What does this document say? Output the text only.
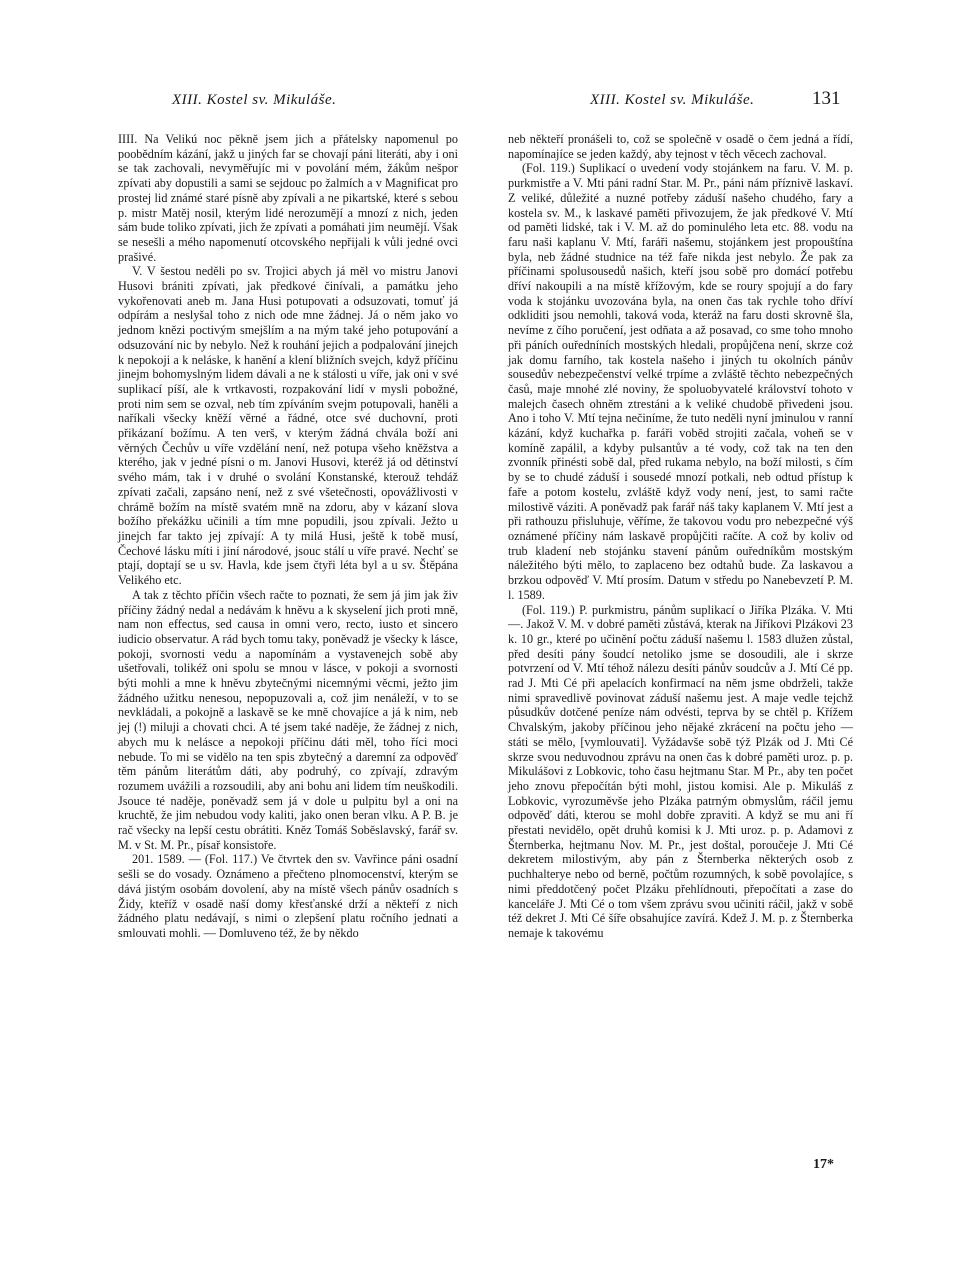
XIII. Kostel sv. Mikuláše.	XIII. Kostel sv. Mikuláše.	131

IIII. Na Velikú noc pěkně jsem jich a přátelsky napomenul po poobědním kázání, jakž u jiných far se chovají páni literáti, aby i oni se tak zachovali, nevyměřujíc mi v povolání mém, žákům nešpor zpívati aby dopustili a sami se sejdouc po žalmích a v Magnificat pro prostej lid známé staré písně aby zpívali a ne pikartské, které s sebou p. mistr Matěj nosil, kterým lidé nerozumějí a mnozí z nich, jeden sám bude toliko zpívati, jich že zpívati a pomáhati jim neumějí. Však se nesešli a mého napomenutí otcovského nepřijali k vůli jedné ovci prašivé.

V. V šestou neděli po sv. Trojici abych já měl vo mistru Janovi Husovi brániti zpívati, jak předkové činívali, a památku jeho vykořenovati aneb m. Jana Husi potupovati a odsuzovati, tomuť já odpírám a neslyšal toho z nich ode mne žádnej. Já o něm jako vo jednom knězi poctivým smejšlím a na mým také jeho potupování a odsuzování nic by nebylo. Než k rouhání jejich a podpalování jinejch k nepokoji a k neláske, k hanění a klení bližních svejch, když příčinu jinejm bohomyslným lidem dávali a ne k stálosti u víře, jak oni v své suplikací píší, ale k vrtkavosti, rozpakování lidí v mysli pobožné, proti nim sem se ozval, neb tím zpíváním svejm potupovali, haněli a naříkali všecky kněží věrné a řádné, otce své duchovní, proti přikázaní božímu. A ten verš, v kterým žádná chvála boží ani věrných Čechův u víře vzdělání není, než potupa všeho kněžstva a kterého, jak v jedné písni o m. Janovi Husovi, kteréž já od dětinství svého mám, tak i v druhé o svolání Konstanské, kterouž tehdáž zpívati začali, zapsáno není, než z své všetečnosti, opovážlivosti v chrámě božím na místě svatém mně na zdoru, aby v kázaní slova božího překážku učinili a tím mne popudili, jsou zpívali. Ježto u jinejch far takto jej zpívají: A ty milá Husi, ještě k tobě musí, Čechové lásku míti i jiní národové, jsouc stálí u víře pravé. Nechť se ptají, doptají se u sv. Havla, kde jsem čtyři léta byl a u sv. Štěpána Velikého etc.

A tak z těchto příčin všech račte to poznati, že sem já jim jak živ příčiny žádný nedal a nedávám k hněvu a k skyselení jich proti mně, nam non effectus, sed causa in omni vero, recto, iusto et sincero iudicio observatur. A rád bych tomu taky, poněvadž je všecky k lásce, pokoji, svornosti vedu a napomínám a vystavenejch sobě aby ušetřovali, tolikéž oni spolu se mnou v lásce, v pokoji a svornosti býti mohli a mne k hněvu zbytečnými nicemnými věcmi, ježto jim žádného užitku nenesou, nepopuzovali a, což jim nenáleží, v to se nevkládali, a pokojně a laskavě se ke mně chovajíce a já k nim, neb jej (!) miluji a chovati chci. A té jsem také naděje, že žádnej z nich, abych mu k nelásce a nepokoji příčinu dáti měl, toho říci moci nebude. To mi se vidělo na ten spis zbytečný a daremní za odpověď těm pánům literátům dáti, aby podruhý, co zpívají, zdravým rozumem uvážili a rozsoudili, aby ani bohu ani lidem tím neuškodili. Jsouce té naděje, poněvadž sem já v dole u pulpitu byl a oni na kruchtě, že jim nebudou vody kaliti, jako onen beran vlku. A P. B. je rač všecky na lepší cestu obrátiti. Kněz Tomáš Soběslavský, farář sv. M. v St. M. Pr., písař konsistoře.

201. 1589. — (Fol. 117.) Ve čtvrtek den sv. Vavřince páni osadní sešli se do vosady. Oznámeno a přečteno plnomocenství, kterým se dává jistým osobám dovolení, aby na místě všech pánův osadních s Židy, kteříž v osadě naší domy křesťanské drží a někteří z nich žádného platu nedávají, s nimi o zlepšení platu ročního jednati a smlouvati mohli. — Domluveno též, že by někdo

neb někteří pronášeli to, což se společně v osadě o čem jedná a řídí, napomínajíce se jeden každý, aby tejnost v těch věcech zachoval.

(Fol. 119.) Suplikací o uvedení vody stojánkem na faru. V. M. p. purkmistře a V. Mti páni radní Star. M. Pr., páni nám příznivě laskaví. Z veliké, důležité a nuzné potřeby záduší našeho chudého, fary a kostela sv. M., k laskavé paměti přivozujem, že jak předkové V. Mtí od paměti lidské, tak i V. M. až do pominulého leta etc. 88. vodu na faru naši kaplanu V. Mtí, faráři našemu, stojánkem jest propouštína byla, neb žádné studnice na též faře nikda jest nebylo. Že pak za příčinami spolusousedů našich, kteří jsou sobě pro domácí potřebu dříví nakoupili a na místě křížovým, kde se roury spojují a do fary voda k stojánku uvozována byla, na onen čas tak rychle toho dříví odkliditi jsou nemohli, taková voda, kteráž na faru dosti skrovně šla, nevíme z čího poručení, jest odňata a až posavad, co sme toho mnoho při páních ouředníních mostských hledali, propůjčena není, skrze coż jak domu farního, tak kostela našeho i jiných tu okolních pánův sousedův nebezpečenství velké trpíme a zvláště těchto nebezpečných časů, maje mnohé zlé noviny, že spoluobyvatelé království tohoto v malejch časech ohněm ztrestáni a k veliké chudobě přivedeni jsou. Ano i toho V. Mtí tejna nečiníme, že tuto neděli nyní jminulou v ranní kázání, když kuchařka p. faráři voběd strojiti začala, voheň se v komíně zapálil, a kdyby pulsantův a té vody, což tak na ten den zvonník přinésti sobě dal, před rukama nebylo, na boží milosti, s čím by se to chudé záduší i sousedé mnozí potkali, neb odtud přístup k faře a potom kostelu, zvláště když vody není, jest, to sami račte milostivě váziti. A poněvadž pak farář náš taky kaplanem V. Mtí jest a při rathouzu přisluhuje, věříme, že takovou vodu pro nebezpečné výš oznámené příčiny nám laskavě propůjčiti račíte. A což by koliv od trub kladení neb stojánku stavení pánům ouředníkům mostským náležitého býti mělo, to zaplaceno bez odtahů bude. Za laskavou a brzkou odpověď V. Mtí prosím. Datum v středu po Nanebevzetí P. M. l. 1589.

(Fol. 119.) P. purkmistru, pánům suplikací o Jiříka Plzáka. V. Mti —. Jakož V. M. v dobré paměti zůstává, kterak na Jiříkovi Plzákovi 23 k. 10 gr., které po učinění počtu záduší našemu l. 1583 dlužen zůstal, před desíti pány šoudcí netoliko jsme se dosoudili, ale i skrze potvrzení od V. Mtí téhož nálezu desíti pánův soudcův a J. Mtí Cé pp. rad J. Mti Cé při apelacích konfirmací na něm jsme obdrželi, takže nimi spravedlivě povinovat záduší našemu jest. A maje vedle tejchž půsudkův dotčené peníze nám odvésti, teprva by se chtěl p. Křížem Chvalským, jakoby příčinou jeho nějaké zkrácení na počtu jeho — státi se mělo, [vymlouvati]. Vyžádavše sobě týž Plzák od J. Mti Cé skrze svou neduvodnou zprávu na onen čas k dobré paměti uroz. p. p. Mikulášovi z Lobkovic, toho času hejtmanu Star. M Pr., aby ten počet jeho znovu přepočítán býti mohl, jistou komisi. Ale p. Mikuláš z Lobkovic, vyrozuměvše jeho Plzáka patrným obmyslům, ráčil jemu odpověď dáti, kterou se mohl dobře zpraviti. A když se mu ani ří přestati nevidělo, opět druhů komisi k J. Mti uroz. p. p. Adamovi z Šternberka, hejtmanu Nov. M. Pr., jest doštal, poroučeje J. Mti Cé dekretem milostivým, aby pán z Šternberka některých osob z puchhalterye nebo od berně, počtům rozumných, k sobě povolajíce, s nimi předdotčený počet Plzáku přehlídnouti, přepočítati a zase do kanceláře J. Mti Cé o tom všem zprávu svou učiniti ráčil, jakž v sobě též dekret J. Mti Cé šíře obsahujíce zavírá. Kdež J. M. p. z Šternberka nemaje k takovému

17*
